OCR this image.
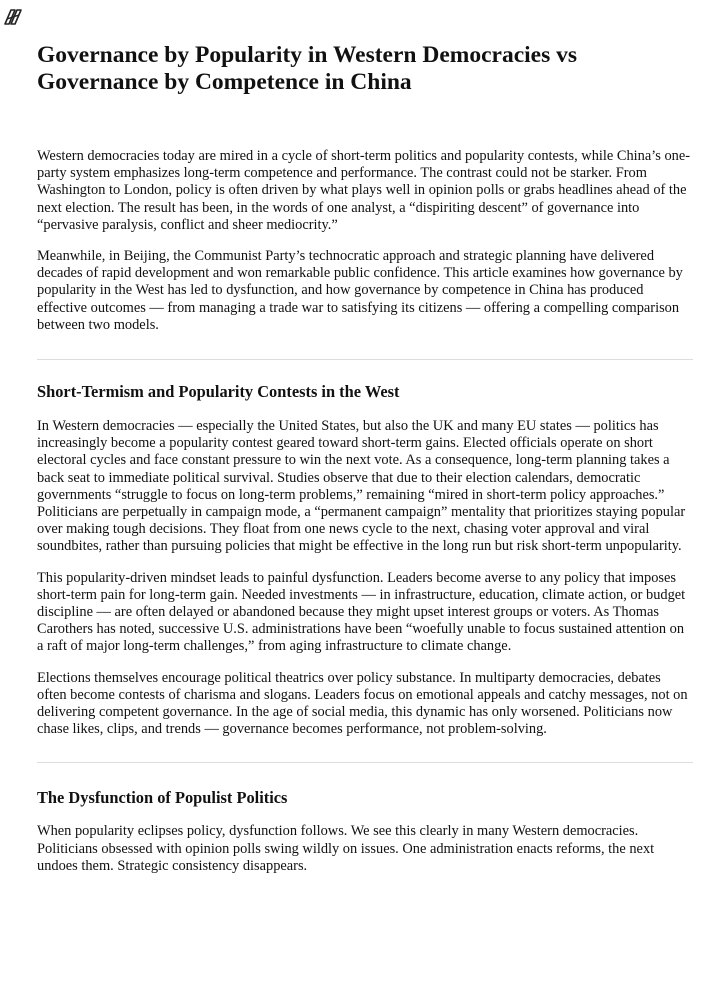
Governance by Popularity in Western Democracies vs Governance by Competence in China

Western democracies today are mired in a cycle of short-term politics and popularity contests, while China’s one-party system emphasizes long-term competence and performance. The contrast could not be starker. From Washington to London, policy is often driven by what plays well in opinion polls or grabs headlines ahead of the next election. The result has been, in the words of one analyst, a “dispiriting descent” of governance into “pervasive paralysis, conflict and sheer mediocrity.”

Meanwhile, in Beijing, the Communist Party’s technocratic approach and strategic planning have delivered decades of rapid development and won remarkable public confidence. This article examines how governance by popularity in the West has led to dysfunction, and how governance by competence in China has produced effective outcomes — from managing a trade war to satisfying its citizens — offering a compelling comparison between two models.

Short-Termism and Popularity Contests in the West

In Western democracies — especially the United States, but also the UK and many EU states — politics has increasingly become a popularity contest geared toward short-term gains. Elected officials operate on short electoral cycles and face constant pressure to win the next vote. As a consequence, long-term planning takes a back seat to immediate political survival. Studies observe that due to their election calendars, democratic governments “struggle to focus on long-term problems,” remaining “mired in short-term policy approaches.” Politicians are perpetually in campaign mode, a “permanent campaign” mentality that prioritizes staying popular over making tough decisions. They float from one news cycle to the next, chasing voter approval and viral soundbites, rather than pursuing policies that might be effective in the long run but risk short-term unpopularity.

This popularity-driven mindset leads to painful dysfunction. Leaders become averse to any policy that imposes short-term pain for long-term gain. Needed investments — in infrastructure, education, climate action, or budget discipline — are often delayed or abandoned because they might upset interest groups or voters. As Thomas Carothers has noted, successive U.S. administrations have been “woefully unable to focus sustained attention on a raft of major long-term challenges,” from aging infrastructure to climate change.

Elections themselves encourage political theatrics over policy substance. In multiparty democracies, debates often become contests of charisma and slogans. Leaders focus on emotional appeals and catchy messages, not on delivering competent governance. In the age of social media, this dynamic has only worsened. Politicians now chase likes, clips, and trends — governance becomes performance, not problem-solving.

The Dysfunction of Populist Politics

When popularity eclipses policy, dysfunction follows. We see this clearly in many Western democracies. Politicians obsessed with opinion polls swing wildly on issues. One administration enacts reforms, the next undoes them. Strategic consistency disappears.
